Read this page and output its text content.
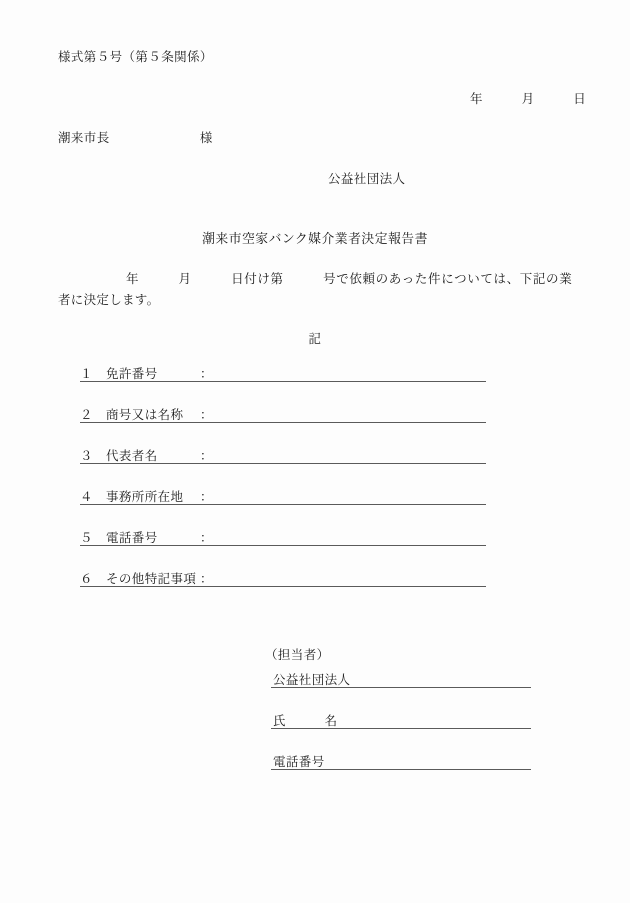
様式第５号（第５条関係）
年　　　月　　　日
潮来市長　　　　　　　様
公益社団法人
潮来市空家バンク媒介業者決定報告書
年　　　月　　　日付け第　　　号で依頼のあった件については、下記の業者に決定します。
記
１ 免許番号	：
２ 商号又は名称 ：
３ 代表者名	：
４ 事務所所在地 ：
５ 電話番号	：
６ その他特記事項 ：
（担当者）
公益社団法人
氏　　　名
電話番号
